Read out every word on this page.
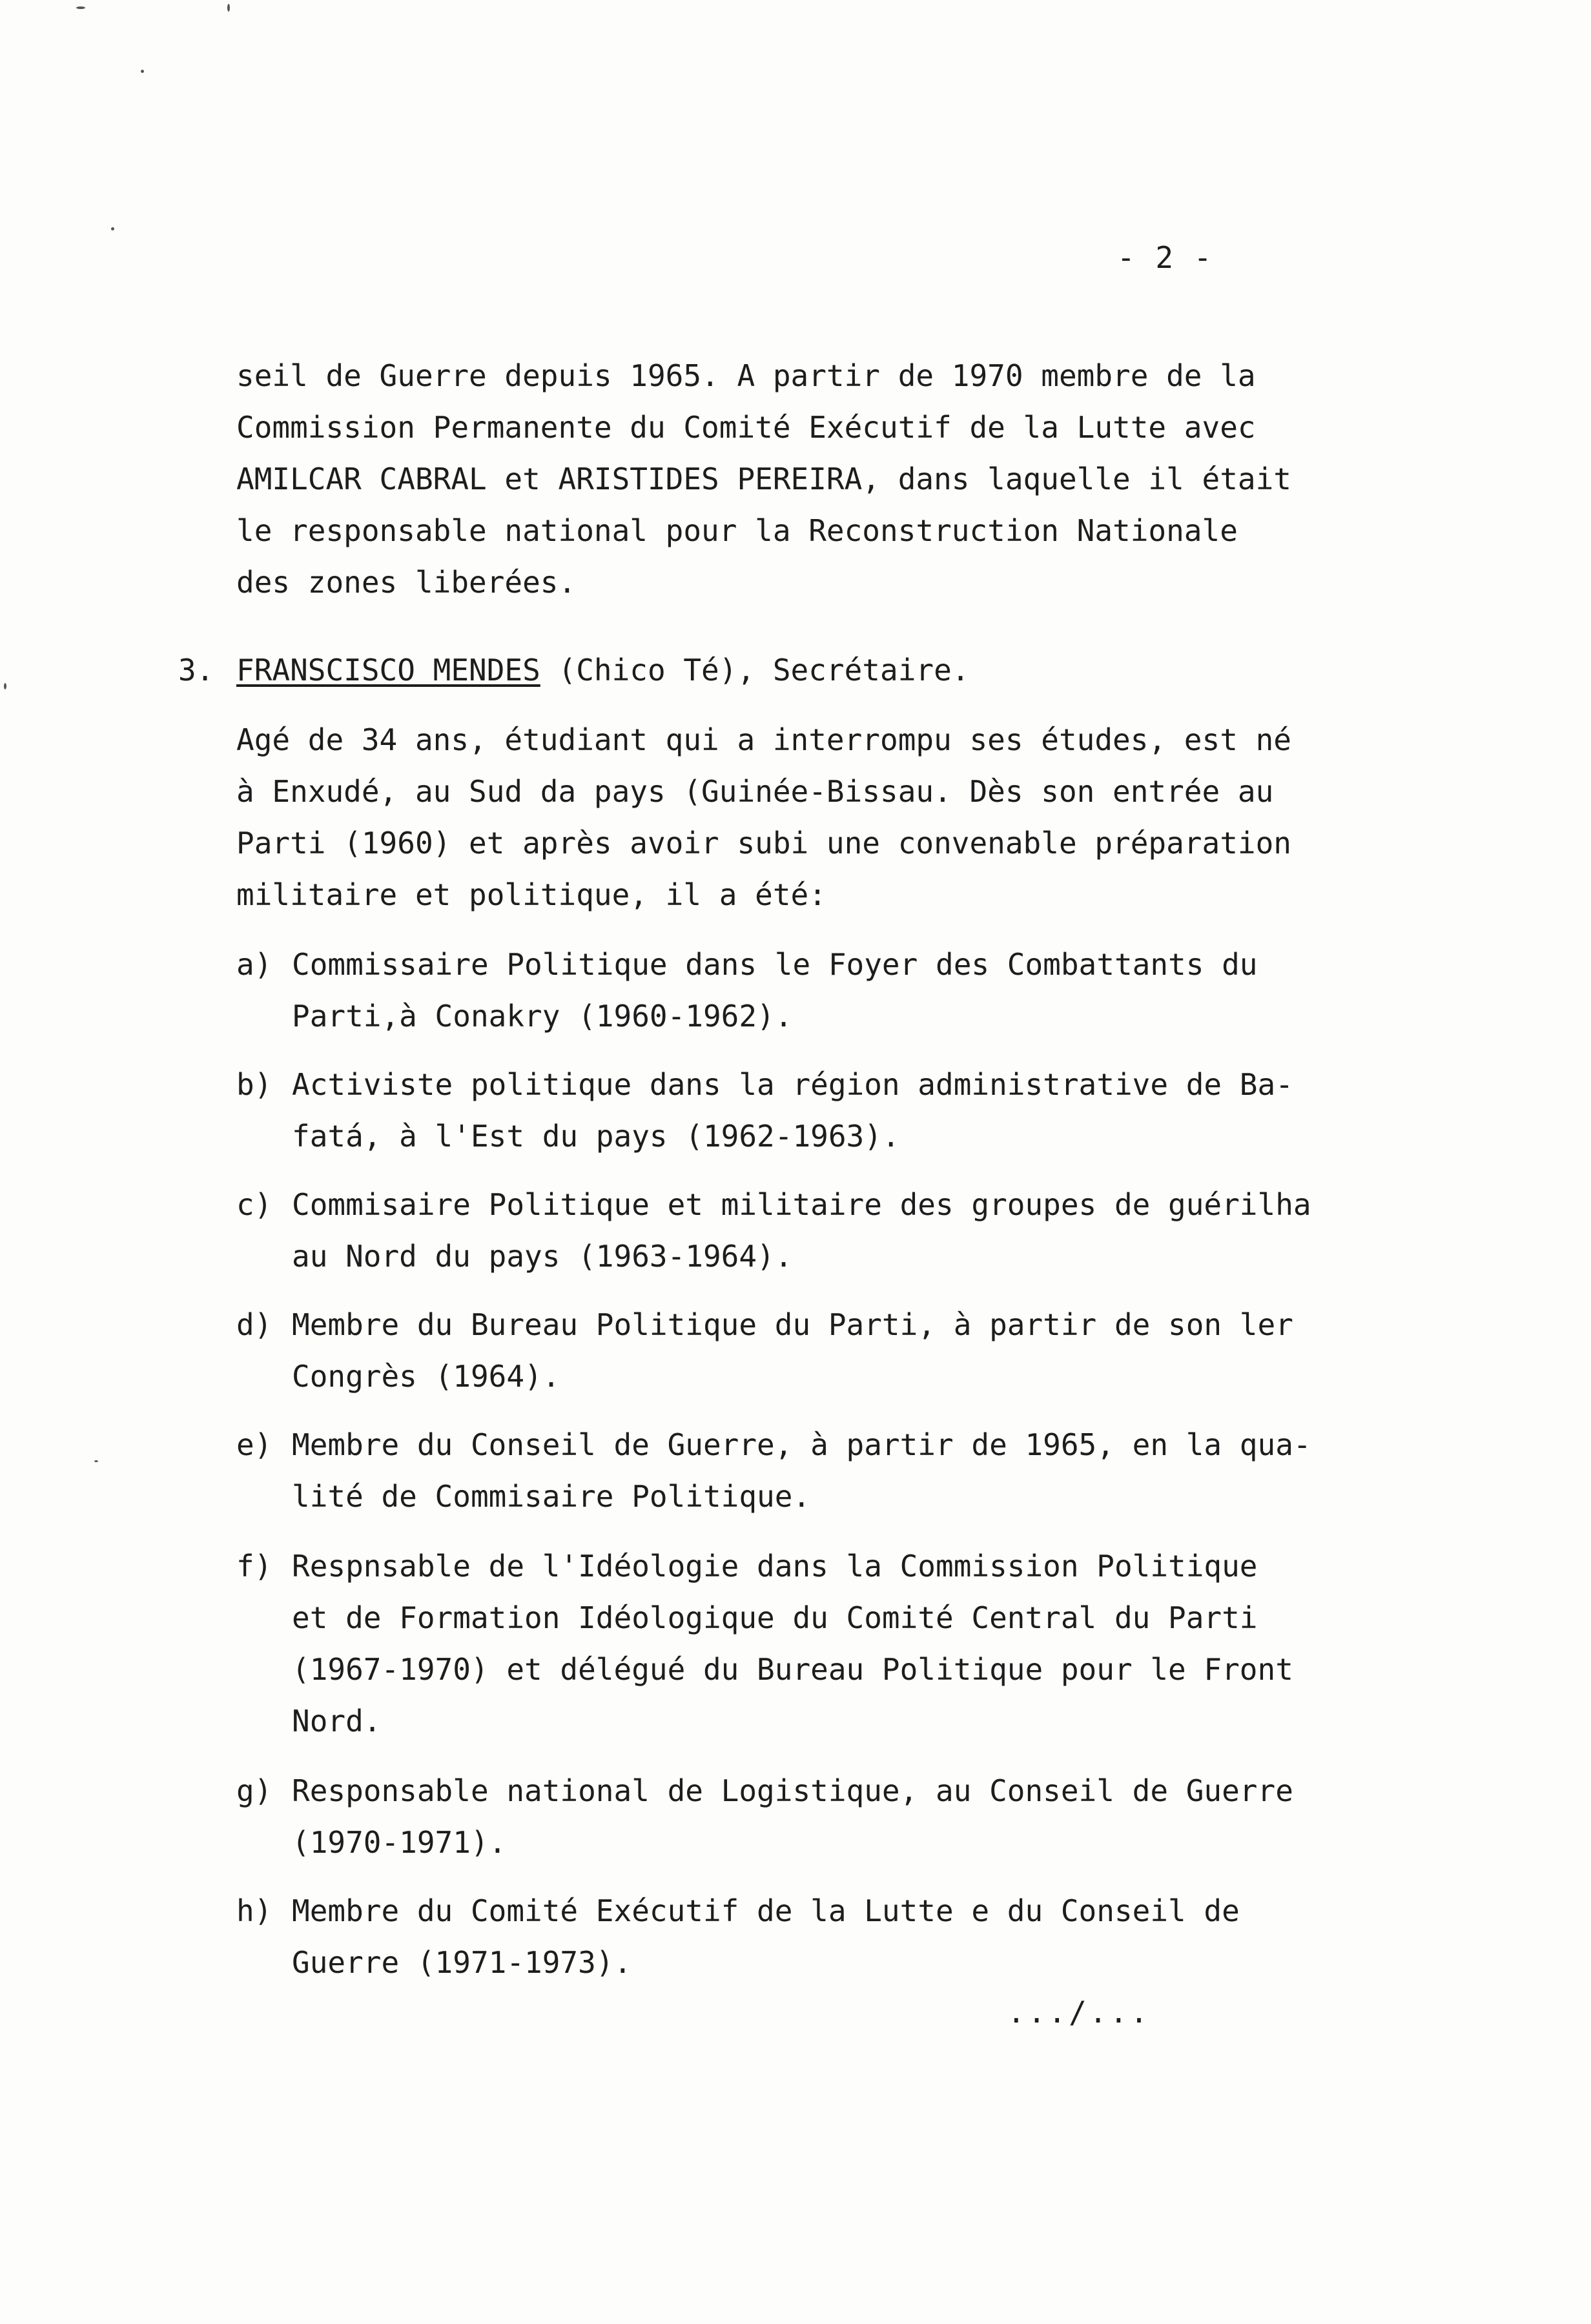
- 2 -
seil de Guerre depuis 1965. A partir de 1970 membre de la
Commission Permanente du Comité Exécutif de la Lutte avec
AMILCAR CABRAL et ARISTIDES PEREIRA, dans laquelle il était
le responsable national pour la Reconstruction Nationale
des zones liberées.
3. FRANSCISCO MENDES (Chico Té), Secrétaire.
Agé de 34 ans, étudiant qui a interrompu ses études, est né
à Enxudé, au Sud da pays (Guinée-Bissau. Dès son entrée au
Parti (1960) et après avoir subi une convenable préparation
militaire et politique, il a été:
a) Commissaire Politique dans le Foyer des Combattants du
Parti,à Conakry (1960-1962).
b) Activiste politique dans la région administrative de Ba-
fatá, à l'Est du pays (1962-1963).
c) Commisaire Politique et militaire des groupes de guérilha
au Nord du pays (1963-1964).
d) Membre du Bureau Politique du Parti, à partir de son ler
Congrès (1964).
e) Membre du Conseil de Guerre, à partir de 1965, en la qua-
lité de Commisaire Politique.
f) Respnsable de l'Idéologie dans la Commission Politique
et de Formation Idéologique du Comité Central du Parti
(1967-1970) et délégué du Bureau Politique pour le Front
Nord.
g) Responsable national de Logistique, au Conseil de Guerre
(1970-1971).
h) Membre du Comité Exécutif de la Lutte e du Conseil de
Guerre (1971-1973).
.../...
